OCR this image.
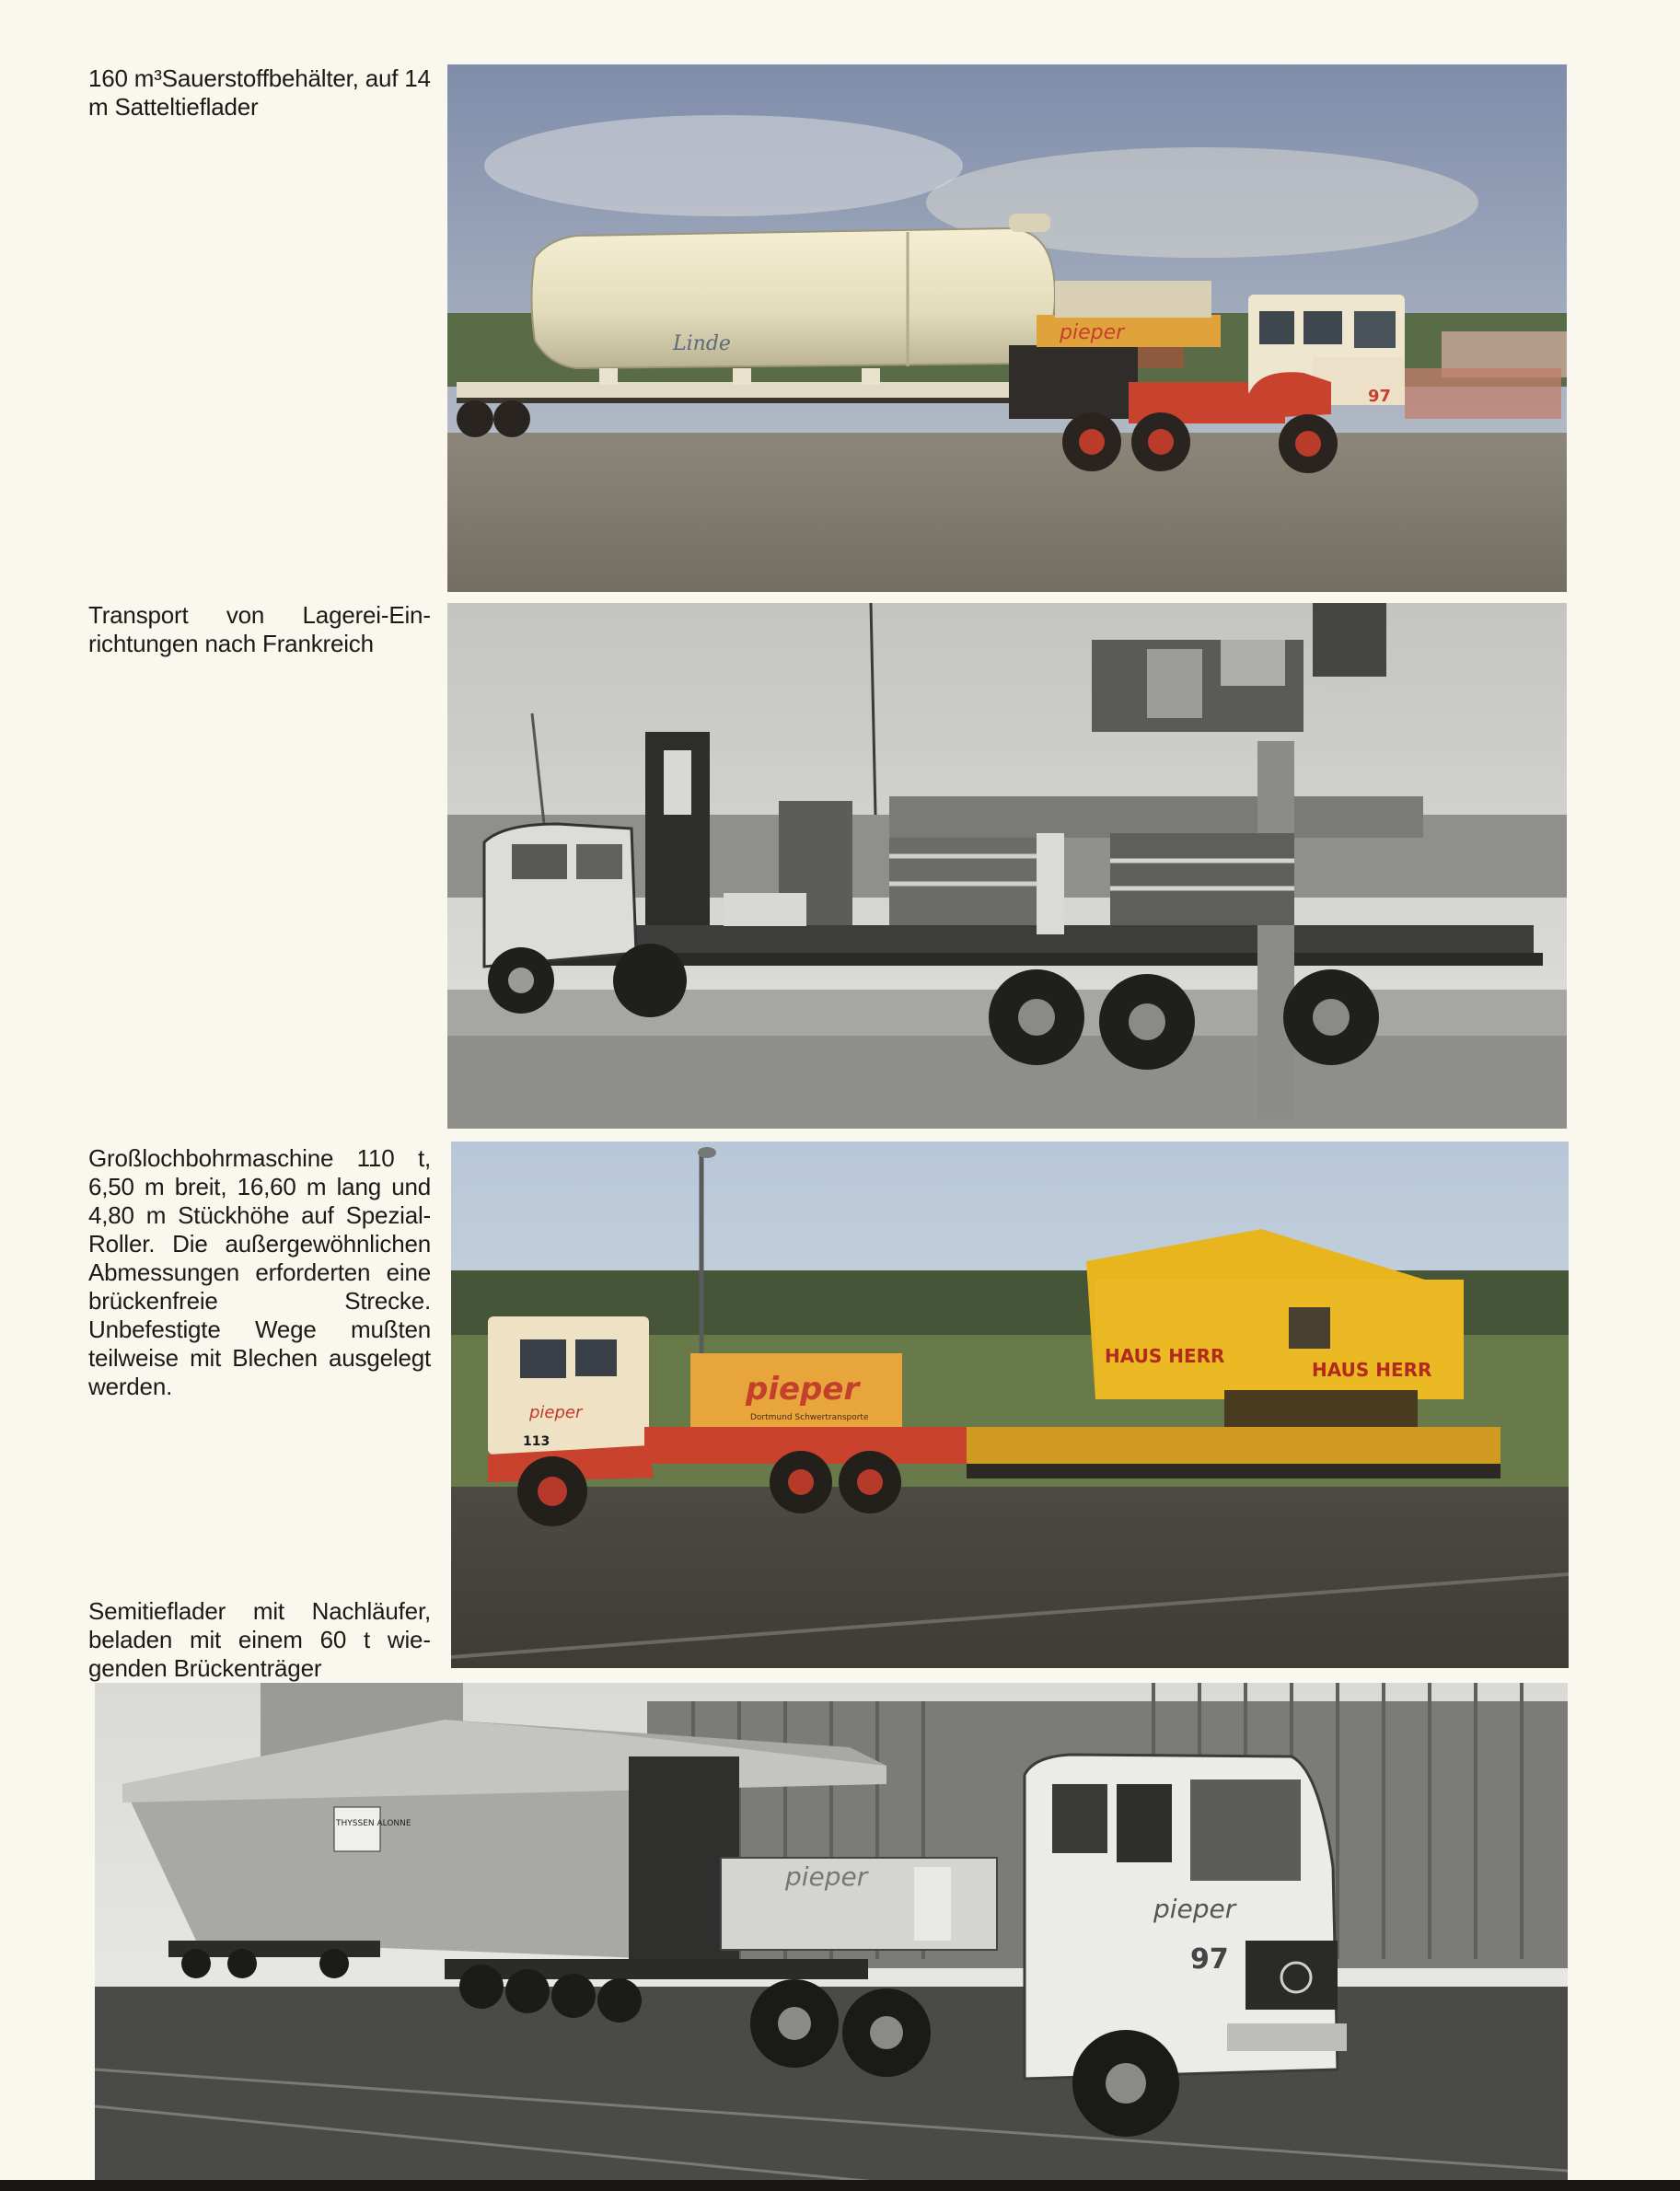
160 m³Sauerstoffbehälter, auf 14 m Satteltieflader
Transport von Lagerei-Einrichtungen nach Frankreich
Großlochbohrmaschine 110 t, 6,50 m breit, 16,60 m lang und 4,80 m Stückhöhe auf Spezial-Roller. Die außergewöhnlichen Abmessungen erforderten eine brückenfreie Strecke. Unbefestigte Wege mußten teilweise mit Blechen ausgelegt werden.
Semitieflader mit Nachläufer, beladen mit einem 60 t wiegenden Brückenträger
Linde	pieper
97
HAUS HERR
HAUS HERR
pieper
113
pieper
Dortmund Schwertransporte
THYSSEN ALONNE
pieper
pieper
97
